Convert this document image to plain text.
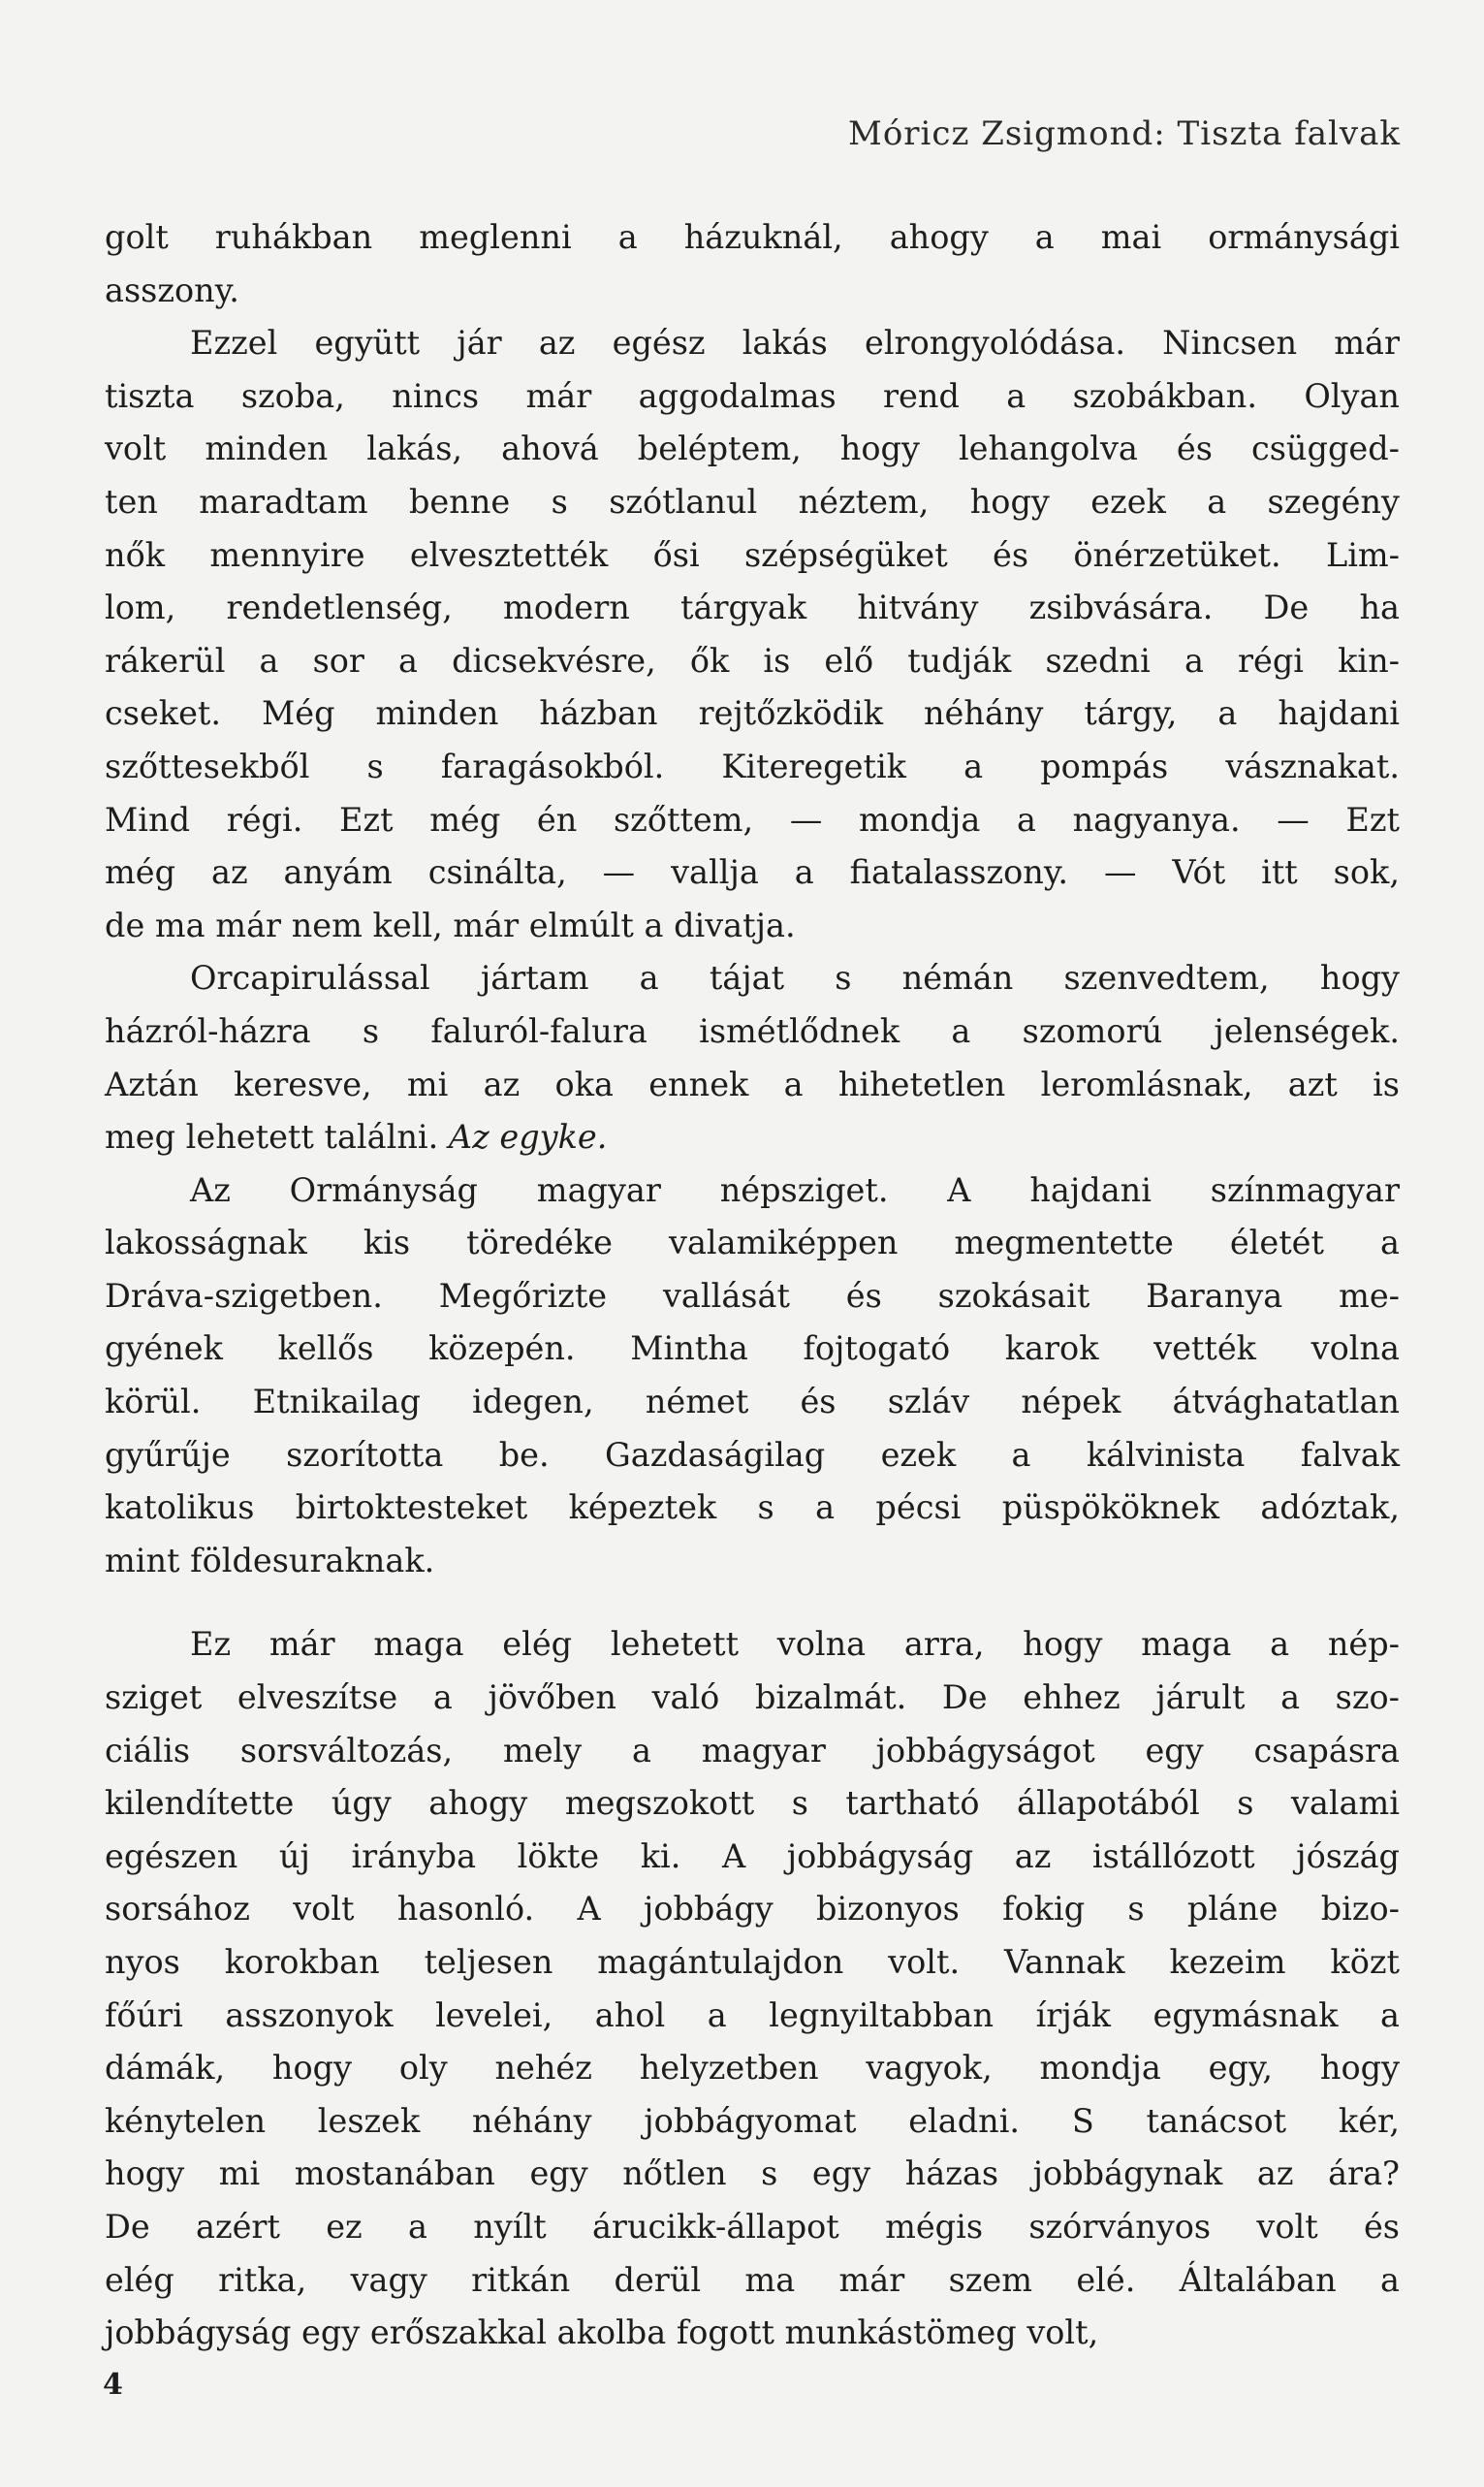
Móricz Zsigmond: Tiszta falvak
golt ruhákban meglenni a házuknál, ahogy a mai ormánysági
asszony.
Ezzel együtt jár az egész lakás elrongyolódása. Nincsen már
tiszta szoba, nincs már aggodalmas rend a szobákban. Olyan
volt minden lakás, ahová beléptem, hogy lehangolva és csügged-
ten maradtam benne s szótlanul néztem, hogy ezek a szegény
nők mennyire elvesztették ősi szépségüket és önérzetüket. Lim-
lom, rendetlenség, modern tárgyak hitvány zsibvására. De ha
rákerül a sor a dicsekvésre, ők is elő tudják szedni a régi kin-
cseket. Még minden házban rejtőzködik néhány tárgy, a hajdani
szőttesekből s faragásokból. Kiteregetik a pompás vásznakat.
Mind régi. Ezt még én szőttem, — mondja a nagyanya. — Ezt
még az anyám csinálta, — vallja a fiatalasszony. — Vót itt sok,
de ma már nem kell, már elmúlt a divatja.
Orcapirulással jártam a tájat s némán szenvedtem, hogy
házról-házra s faluról-falura ismétlődnek a szomorú jelenségek.
Aztán keresve, mi az oka ennek a hihetetlen leromlásnak, azt is
meg lehetett találni. Az egyke.
Az Ormányság magyar népsziget. A hajdani színmagyar
lakosságnak kis töredéke valamiképpen megmentette életét a
Dráva-szigetben. Megőrizte vallását és szokásait Baranya me-
gyének kellős közepén. Mintha fojtogató karok vették volna
körül. Etnikailag idegen, német és szláv népek átvághatatlan
gyűrűje szorította be. Gazdaságilag ezek a kálvinista falvak
katolikus birtoktesteket képeztek s a pécsi püspököknek adóztak,
mint földesuraknak.
Ez már maga elég lehetett volna arra, hogy maga a nép-
sziget elveszítse a jövőben való bizalmát. De ehhez járult a szo-
ciális sorsváltozás, mely a magyar jobbágyságot egy csapásra
kilendítette úgy ahogy megszokott s tartható állapotából s valami
egészen új irányba lökte ki. A jobbágyság az istállózott jószág
sorsához volt hasonló. A jobbágy bizonyos fokig s pláne bizo-
nyos korokban teljesen magántulajdon volt. Vannak kezeim közt
főúri asszonyok levelei, ahol a legnyiltabban írják egymásnak a
dámák, hogy oly nehéz helyzetben vagyok, mondja egy, hogy
kénytelen leszek néhány jobbágyomat eladni. S tanácsot kér,
hogy mi mostanában egy nőtlen s egy házas jobbágynak az ára?
De azért ez a nyílt árucikk-állapot mégis szórványos volt és
elég ritka, vagy ritkán derül ma már szem elé. Általában a
jobbágyság egy erőszakkal akolba fogott munkástömeg volt,
4
